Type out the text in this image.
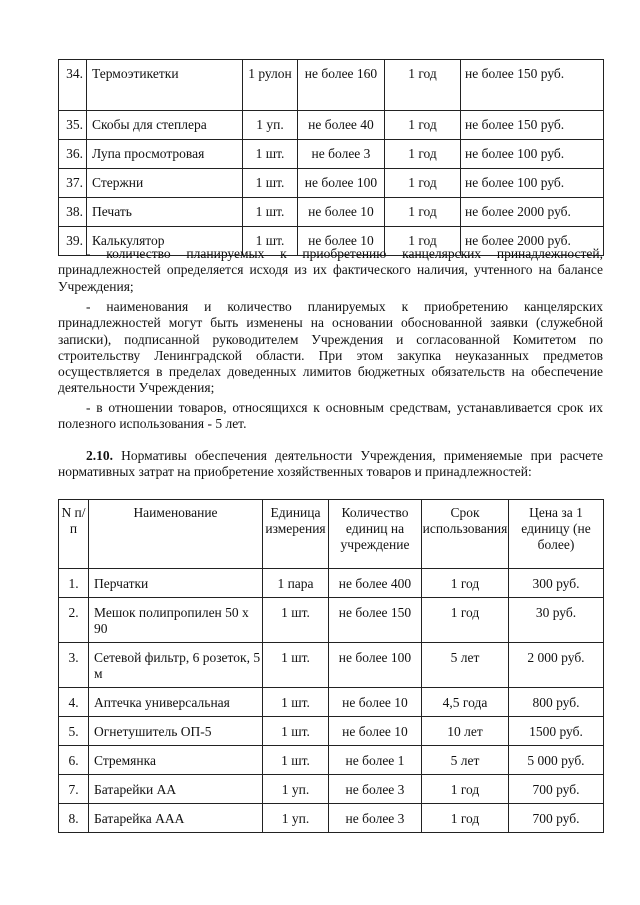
34.	Термоэтикетки	1 рулон	не более 160	1 год	не более 150 руб.
35.	Скобы для степлера	1 уп.	не более 40	1 год	не более 150 руб.
36.	Лупа просмотровая	1 шт.	не более 3	1 год	не более 100 руб.
37.	Стержни	1 шт.	не более 100	1 год	не более 100 руб.
38.	Печать	1 шт.	не более 10	1 год	не более 2000 руб.
39.	Калькулятор	1 шт.	не более 10	1 год	не более 2000 руб.
- количество планируемых к приобретению канцелярских принадлежностей, принадлежностей определяется исходя из их фактического наличия, учтенного на балансе Учреждения;
- наименования и количество планируемых к приобретению канцелярских принадлежностей могут быть изменены на основании обоснованной заявки (служебной записки), подписанной руководителем Учреждения и согласованной Комитетом по строительству Ленинградской области. При этом закупка неуказанных предметов осуществляется в пределах доведенных лимитов бюджетных обязательств на обеспечение деятельности Учреждения;
- в отношении товаров, относящихся к основным средствам, устанавливается срок их полезного использования - 5 лет.
2.10. Нормативы обеспечения деятельности Учреждения, применяемые при расчете нормативных затрат на приобретение хозяйственных товаров и принадлежностей:
N п/п	Наименование	Единица измерения	Количество единиц на учреждение	Срок использования	Цена за 1 единицу (не более)
1.	Перчатки	1 пара	не более 400	1 год	300 руб.
2.	Мешок полипропилен 50 х 90	1 шт.	не более 150	1 год	30 руб.
3.	Сетевой фильтр, 6 розеток, 5 м	1 шт.	не более 100	5 лет	2 000 руб.
4.	Аптечка универсальная	1 шт.	не более 10	4,5 года	800 руб.
5.	Огнетушитель ОП-5	1 шт.	не более 10	10 лет	1500 руб.
6.	Стремянка	1 шт.	не более 1	5 лет	5 000 руб.
7.	Батарейки АА	1 уп.	не более 3	1 год	700 руб.
8.	Батарейка ААА	1 уп.	не более 3	1 год	700 руб.
